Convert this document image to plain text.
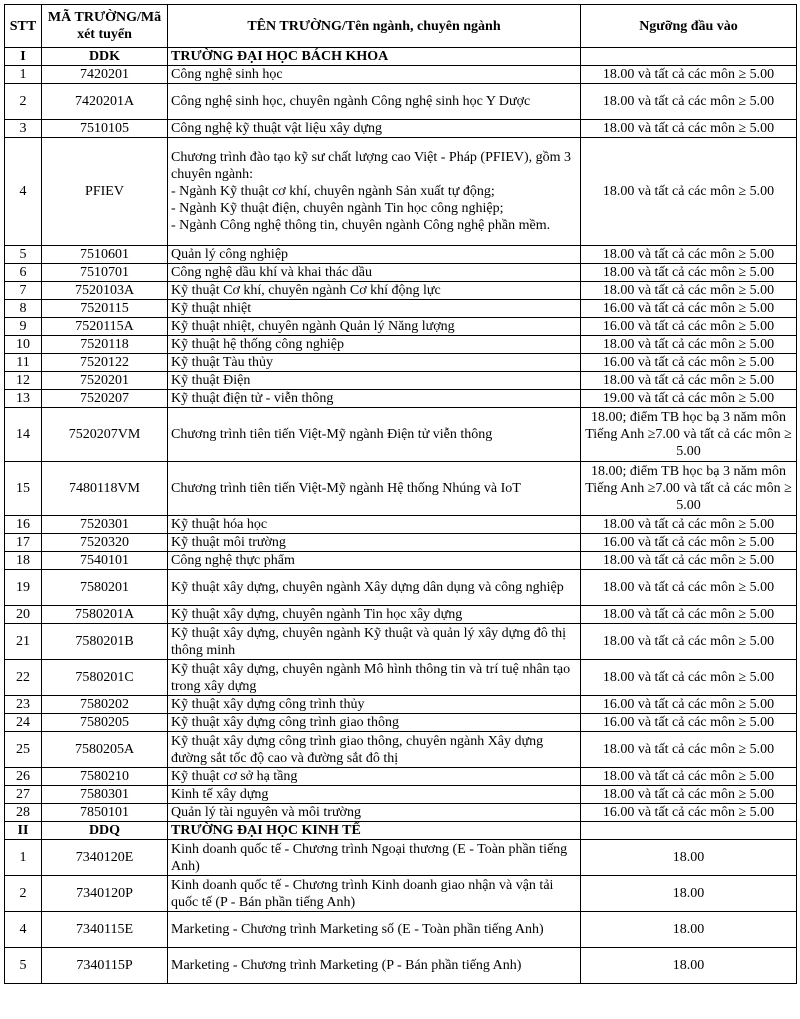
STT	MÃ TRƯỜNG/Mã xét tuyển	TÊN TRƯỜNG/Tên ngành, chuyên ngành	Ngưỡng đầu vào
I	DDK	TRƯỜNG ĐẠI HỌC BÁCH KHOA	
1	7420201	Công nghệ sinh học	18.00 và tất cả các môn ≥ 5.00
2	7420201A	Công nghệ sinh học, chuyên ngành Công nghệ sinh học Y Dược	18.00 và tất cả các môn ≥ 5.00
3	7510105	Công nghệ kỹ thuật vật liệu xây dựng	18.00 và tất cả các môn ≥ 5.00
4	PFIEV	Chương trình đào tạo kỹ sư chất lượng cao Việt - Pháp (PFIEV), gồm 3 chuyên ngành:
- Ngành Kỹ thuật cơ khí, chuyên ngành Sản xuất tự động;
- Ngành Kỹ thuật điện, chuyên ngành Tin học công nghiệp;
- Ngành Công nghệ thông tin, chuyên ngành Công nghệ phần mềm.	18.00 và tất cả các môn ≥ 5.00
5	7510601	Quản lý công nghiệp	18.00 và tất cả các môn ≥ 5.00
6	7510701	Công nghệ dầu khí và khai thác dầu	18.00 và tất cả các môn ≥ 5.00
7	7520103A	Kỹ thuật Cơ khí, chuyên ngành Cơ khí động lực	18.00 và tất cả các môn ≥ 5.00
8	7520115	Kỹ thuật nhiệt	16.00 và tất cả các môn ≥ 5.00
9	7520115A	Kỹ thuật nhiệt, chuyên ngành Quản lý Năng lượng	16.00 và tất cả các môn ≥ 5.00
10	7520118	Kỹ thuật hệ thống công nghiệp	18.00 và tất cả các môn ≥ 5.00
11	7520122	Kỹ thuật Tàu thủy	16.00 và tất cả các môn ≥ 5.00
12	7520201	Kỹ thuật Điện	18.00 và tất cả các môn ≥ 5.00
13	7520207	Kỹ thuật điện tử - viễn thông	19.00 và tất cả các môn ≥ 5.00
14	7520207VM	Chương trình tiên tiến Việt-Mỹ ngành Điện tử viễn thông	18.00; điểm TB học bạ 3 năm môn Tiếng Anh ≥7.00 và tất cả các môn ≥ 5.00
15	7480118VM	Chương trình tiên tiến Việt-Mỹ ngành Hệ thống Nhúng và IoT	18.00; điểm TB học bạ 3 năm môn Tiếng Anh ≥7.00 và tất cả các môn ≥ 5.00
16	7520301	Kỹ thuật hóa học	18.00 và tất cả các môn ≥ 5.00
17	7520320	Kỹ thuật môi trường	16.00 và tất cả các môn ≥ 5.00
18	7540101	Công nghệ thực phẩm	18.00 và tất cả các môn ≥ 5.00
19	7580201	Kỹ thuật xây dựng, chuyên ngành Xây dựng dân dụng và công nghiệp	18.00 và tất cả các môn ≥ 5.00
20	7580201A	Kỹ thuật xây dựng, chuyên ngành Tin học xây dựng	18.00 và tất cả các môn ≥ 5.00
21	7580201B	Kỹ thuật xây dựng, chuyên ngành Kỹ thuật và quản lý xây dựng đô thị thông minh	18.00 và tất cả các môn ≥ 5.00
22	7580201C	Kỹ thuật xây dựng, chuyên ngành Mô hình thông tin và trí tuệ nhân tạo trong xây dựng	18.00 và tất cả các môn ≥ 5.00
23	7580202	Kỹ thuật xây dựng công trình thủy	16.00 và tất cả các môn ≥ 5.00
24	7580205	Kỹ thuật xây dựng công trình giao thông	16.00 và tất cả các môn ≥ 5.00
25	7580205A	Kỹ thuật xây dựng công trình giao thông, chuyên ngành Xây dựng đường sắt tốc độ cao và đường sắt đô thị	18.00 và tất cả các môn ≥ 5.00
26	7580210	Kỹ thuật cơ sở hạ tầng	18.00 và tất cả các môn ≥ 5.00
27	7580301	Kinh tế xây dựng	18.00 và tất cả các môn ≥ 5.00
28	7850101	Quản lý tài nguyên và môi trường	16.00 và tất cả các môn ≥ 5.00
II	DDQ	TRƯỜNG ĐẠI HỌC KINH TẾ	
1	7340120E	Kinh doanh quốc tế - Chương trình Ngoại thương (E - Toàn phần tiếng Anh)	18.00
2	7340120P	Kinh doanh quốc tế - Chương trình Kinh doanh giao nhận và vận tải quốc tế (P - Bán phần tiếng Anh)	18.00
4	7340115E	Marketing - Chương trình Marketing số (E - Toàn phần tiếng Anh)	18.00
5	7340115P	Marketing - Chương trình Marketing (P - Bán phần tiếng Anh)	18.00
